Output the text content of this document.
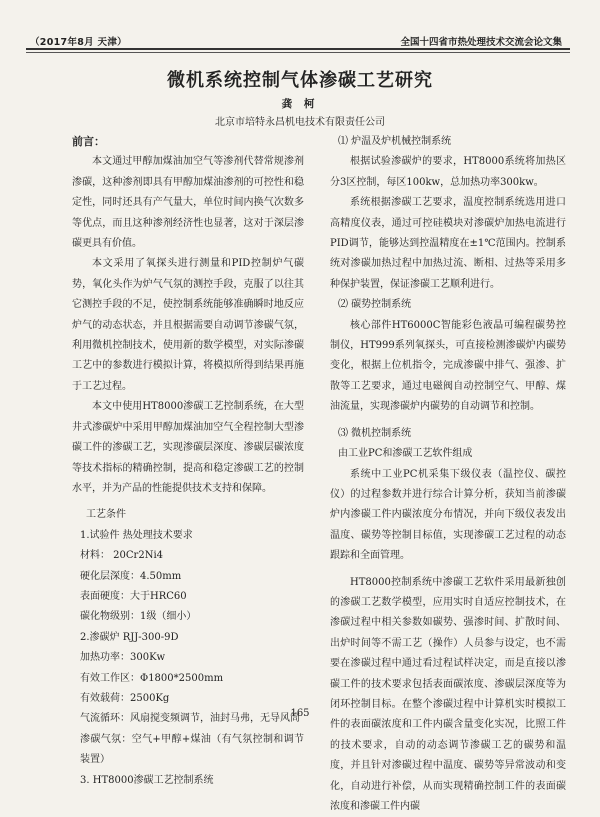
（2017年8月 天津）	全国十四省市热处理技术交流会论文集
微机系统控制气体渗碳工艺研究
龚 柯
北京市培特永昌机电技术有限责任公司

前言：

本文通过甲醇加煤油加空气等渗剂代替常规渗剂渗碳，这种渗剂即具有甲醇加煤油渗剂的可控性和稳定性，同时还具有产气量大，单位时间内换气次数多等优点，而且这种渗剂经济性也显著，这对于深层渗碳更具有价值。

本文采用了氧探头进行测量和PID控制炉气碳势，氧化头作为炉气气氛的测控手段，克服了以往其它测控手段的不足，使控制系统能够准确瞬时地反应炉气的动态状态，并且根据需要自动调节渗碳气氛，利用微机控制技术，使用新的数学模型，对实际渗碳工艺中的参数进行模拟计算，将模拟所得到结果再施于工艺过程。

本文中使用HT8000渗碳工艺控制系统，在大型井式渗碳炉中采用甲醇加煤油加空气全程控制大型渗碳工件的渗碳工艺，实现渗碳层深度、渗碳层碳浓度等技术指标的精确控制，提高和稳定渗碳工艺的控制水平，并为产品的性能提供技术支持和保障。

工艺条件

1.试验件 热处理技术要求

材料： 20Cr2Ni4

硬化层深度：4.50mm

表面硬度：大于HRC60

碳化物级别：1级（细小）

2.渗碳炉 RJJ-300-9D

加热功率：300Kw

有效工作区：Φ1800*2500mm

有效载荷：2500Kg

气流循环：风扇搅变频调节，油封马弗，无导风筒

渗碳气氛：空气+甲醇+煤油（有气氛控制和调节装置）

3. HT8000渗碳工艺控制系统

⑴ 炉温及炉机械控制系统

根据试验渗碳炉的要求，HT8000系统将加热区分3区控制，每区100kw，总加热功率300kw。

系统根据渗碳工艺要求，温度控制系统选用进口高精度仪表，通过可控硅模块对渗碳炉加热电流进行PID调节，能够达到控温精度在±1℃范围内。控制系统对渗碳加热过程中加热过流、断相、过热等采用多种保护装置，保证渗碳工艺顺利进行。

⑵ 碳势控制系统

核心部件HT6000C智能彩色液晶可编程碳势控制仪，HT999系列氧探头，可直接检测渗碳炉内碳势变化，根据上位机指令，完成渗碳中排气、强渗、扩散等工艺要求，通过电磁阀自动控制空气、甲醇、煤油流量，实现渗碳炉内碳势的自动调节和控制。

⑶ 微机控制系统

由工业PC和渗碳工艺软件组成

系统中工业PC机采集下级仪表（温控仪、碳控仪）的过程参数并进行综合计算分析，获知当前渗碳炉内渗碳工件内碳浓度分布情况，并向下级仪表发出温度、碳势等控制目标值，实现渗碳工艺过程的动态跟踪和全面管理。

HT8000控制系统中渗碳工艺软件采用最新独创的渗碳工艺数学模型，应用实时自适应控制技术，在渗碳过程中相关参数如碳势、强渗时间、扩散时间、出炉时间等不需工艺（操作）人员参与设定，也不需要在渗碳过程中通过看过程试样决定，而是直接以渗碳工件的技术要求包括表面碳浓度、渗碳层深度等为闭环控制目标。在整个渗碳过程中计算机实时模拟工件的表面碳浓度和工件内碳含量变化实况，比照工件的技术要求，自动的动态调节渗碳工艺的碳势和温度，并且针对渗碳过程中温度、碳势等异常波动和变化，自动进行补偿，从而实现精确控制工件的表面碳浓度和渗碳工件内碳

165
